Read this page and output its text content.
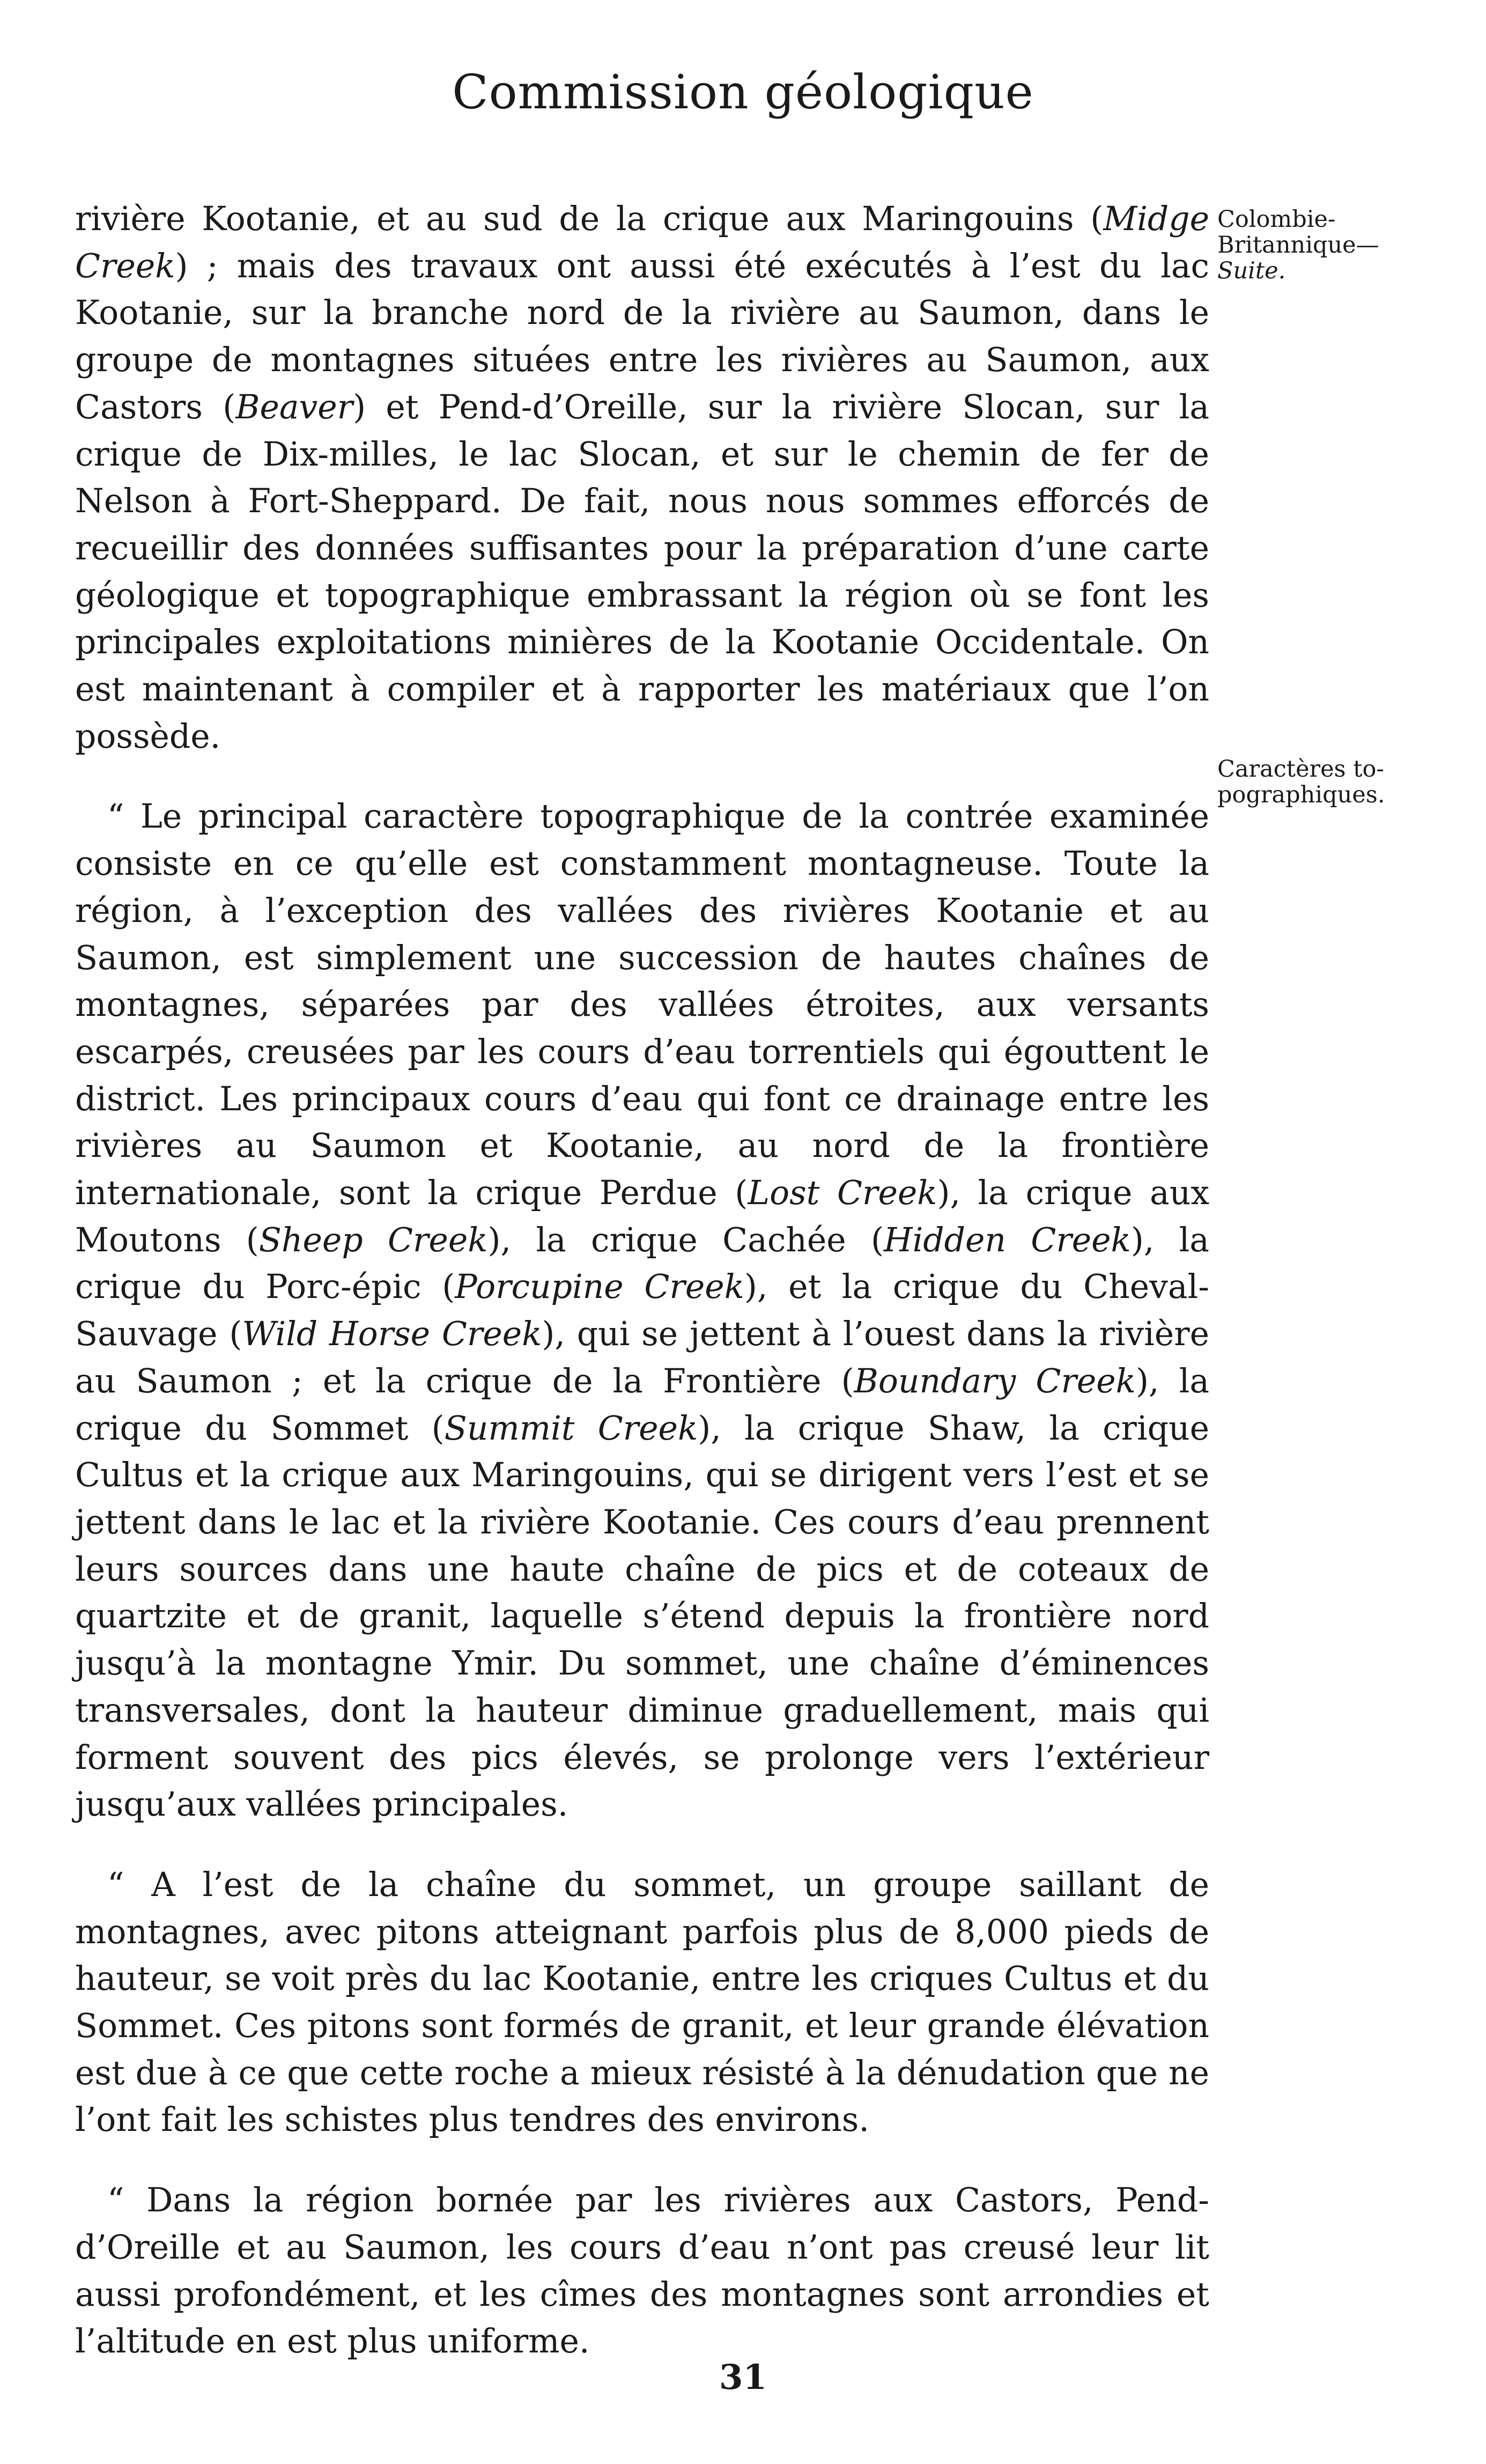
Commission géologique
Colombie-
Britannique—
Suite.
Caractères to-
pographiques.

rivière Kootanie, et au sud de la crique aux Maringouins (Midge Creek) ; mais des travaux ont aussi été exécutés à l’est du lac Kootanie, sur la branche nord de la rivière au Saumon, dans le groupe de montagnes situées entre les rivières au Saumon, aux Castors (Beaver) et Pend-d’Oreille, sur la rivière Slocan, sur la crique de Dix-milles, le lac Slocan, et sur le chemin de fer de Nelson à Fort-Sheppard. De fait, nous nous sommes efforcés de recueillir des données suffisantes pour la préparation d’une carte géologique et topographique embrassant la région où se font les principales exploitations minières de la Kootanie Occidentale. On est maintenant à compiler et à rapporter les matériaux que l’on possède.

“ Le principal caractère topographique de la contrée examinée consiste en ce qu’elle est constamment montagneuse. Toute la région, à l’exception des vallées des rivières Kootanie et au Saumon, est simplement une succession de hautes chaînes de montagnes, séparées par des vallées étroites, aux versants escarpés, creusées par les cours d’eau torrentiels qui égouttent le district. Les principaux cours d’eau qui font ce drainage entre les rivières au Saumon et Kootanie, au nord de la frontière internationale, sont la crique Perdue (Lost Creek), la crique aux Moutons (Sheep Creek), la crique Cachée (Hidden Creek), la crique du Porc-épic (Porcupine Creek), et la crique du Cheval-Sauvage (Wild Horse Creek), qui se jettent à l’ouest dans la rivière au Saumon ; et la crique de la Frontière (Boundary Creek), la crique du Sommet (Summit Creek), la crique Shaw, la crique Cultus et la crique aux Maringouins, qui se dirigent vers l’est et se jettent dans le lac et la rivière Kootanie. Ces cours d’eau prennent leurs sources dans une haute chaîne de pics et de coteaux de quartzite et de granit, laquelle s’étend depuis la frontière nord jusqu’à la montagne Ymir. Du sommet, une chaîne d’éminences transversales, dont la hauteur diminue graduellement, mais qui forment souvent des pics élevés, se prolonge vers l’extérieur jusqu’aux vallées principales.

“ A l’est de la chaîne du sommet, un groupe saillant de montagnes, avec pitons atteignant parfois plus de 8,000 pieds de hauteur, se voit près du lac Kootanie, entre les criques Cultus et du Sommet. Ces pitons sont formés de granit, et leur grande élévation est due à ce que cette roche a mieux résisté à la dénudation que ne l’ont fait les schistes plus tendres des environs.

“ Dans la région bornée par les rivières aux Castors, Pend-d’Oreille et au Saumon, les cours d’eau n’ont pas creusé leur lit aussi profondément, et les cîmes des montagnes sont arrondies et l’altitude en est plus uniforme.

31
